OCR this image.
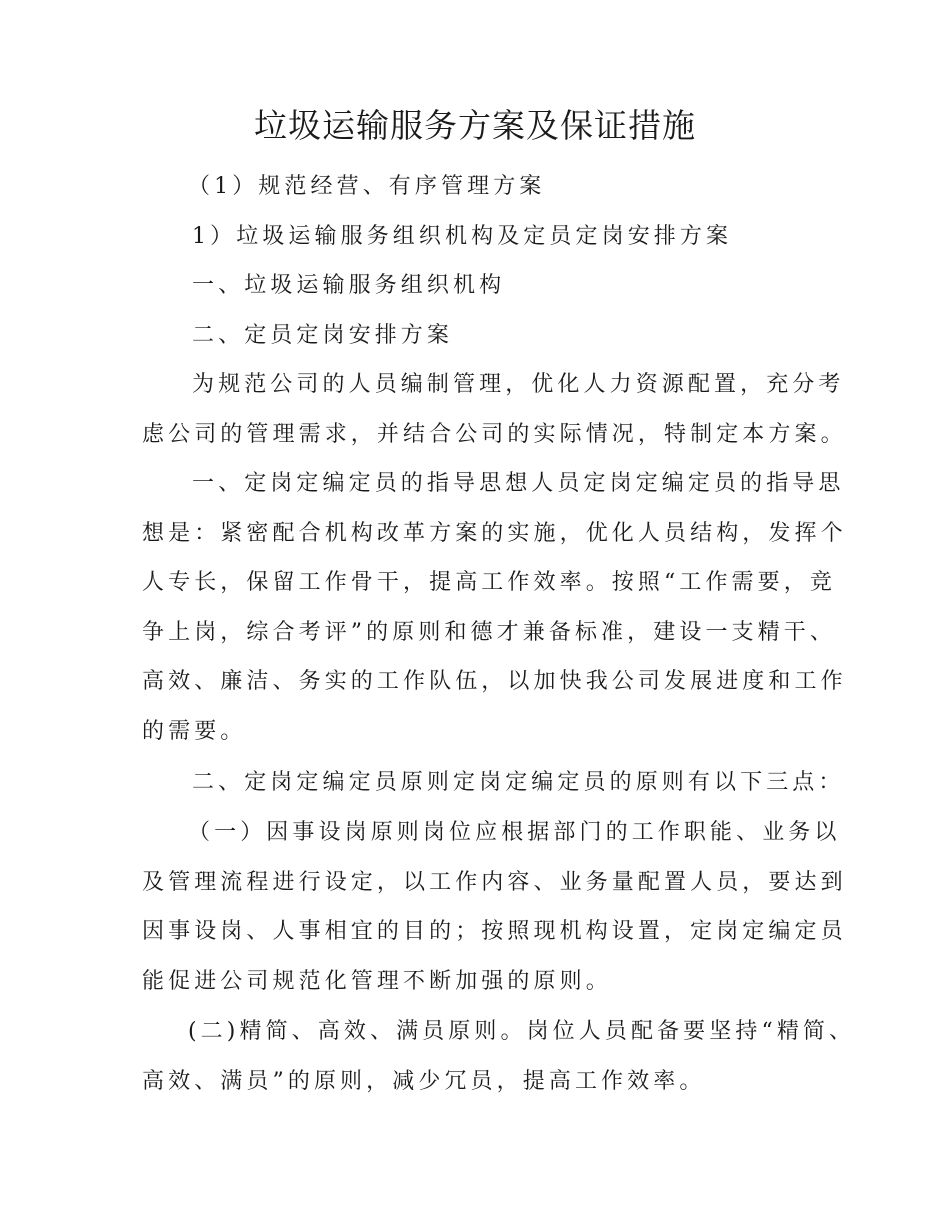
垃圾运输服务方案及保证措施

（1）规范经营、有序管理方案

1）垃圾运输服务组织机构及定员定岗安排方案

一、垃圾运输服务组织机构

二、定员定岗安排方案

为规范公司的人员编制管理，优化人力资源配置，充分考
虑公司的管理需求，并结合公司的实际情况，特制定本方案。

一、定岗定编定员的指导思想人员定岗定编定员的指导思
想是：紧密配合机构改革方案的实施，优化人员结构，发挥个
人专长，保留工作骨干，提高工作效率。按照“工作需要，竞
争上岗，综合考评”的原则和德才兼备标准，建设一支精干、
高效、廉洁、务实的工作队伍，以加快我公司发展进度和工作
的需要。

二、定岗定编定员原则定岗定编定员的原则有以下三点：

（一）因事设岗原则岗位应根据部门的工作职能、业务以
及管理流程进行设定，以工作内容、业务量配置人员，要达到
因事设岗、人事相宜的目的；按照现机构设置，定岗定编定员
能促进公司规范化管理不断加强的原则。

(二)精简、高效、满员原则。岗位人员配备要坚持“精简、
高效、满员”的原则，减少冗员，提高工作效率。
